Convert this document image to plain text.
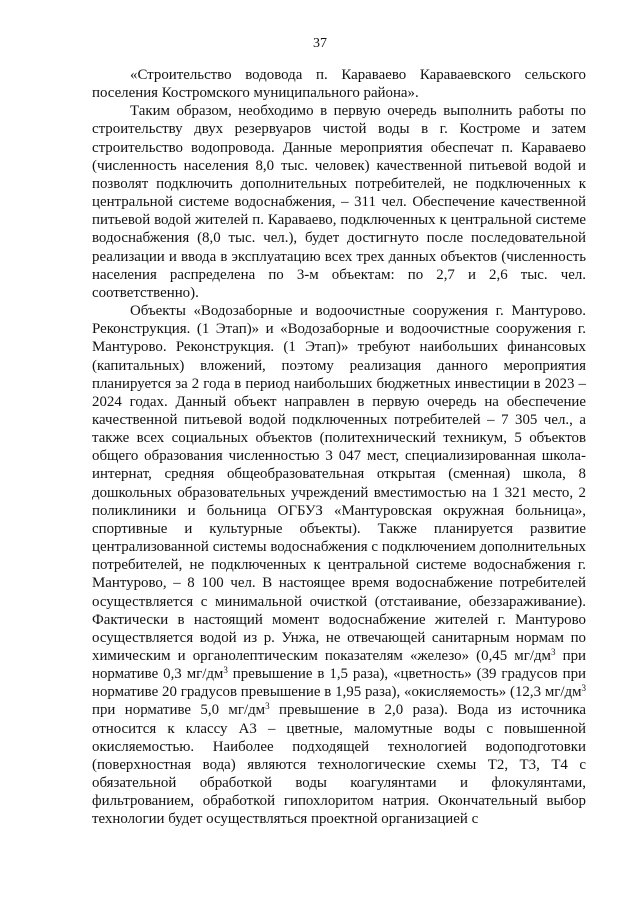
37

«Строительство водовода п. Караваево Караваевского сельского поселения Костромского муниципального района».

Таким образом, необходимо в первую очередь выполнить работы по строительству двух резервуаров чистой воды в г. Костроме и затем строительство водопровода. Данные мероприятия обеспечат п. Караваево (численность населения 8,0 тыс. человек) качественной питьевой водой и позволят подключить дополнительных потребителей, не подключенных к центральной системе водоснабжения, – 311 чел. Обеспечение качественной питьевой водой жителей п. Караваево, подключенных к центральной системе водоснабжения (8,0 тыс. чел.), будет достигнуто после последовательной реализации и ввода в эксплуатацию всех трех данных объектов (численность населения распределена по 3-м объектам: по 2,7 и 2,6 тыс. чел. соответственно).

Объекты «Водозаборные и водоочистные сооружения г. Мантурово. Реконструкция. (1 Этап)» и «Водозаборные и водоочистные сооружения г. Мантурово. Реконструкция. (1 Этап)» требуют наибольших финансовых (капитальных) вложений, поэтому реализация данного мероприятия планируется за 2 года в период наибольших бюджетных инвестиции в 2023 – 2024 годах. Данный объект направлен в первую очередь на обеспечение качественной питьевой водой подключенных потребителей – 7 305 чел., а также всех социальных объектов (политехнический техникум, 5 объектов общего образования численностью 3 047 мест, специализированная школа-интернат, средняя общеобразовательная открытая (сменная) школа, 8 дошкольных образовательных учреждений вместимостью на 1 321 место, 2 поликлиники и больница ОГБУЗ «Мантуровская окружная больница», спортивные и культурные объекты). Также планируется развитие централизованной системы водоснабжения с подключением дополнительных потребителей, не подключенных к центральной системе водоснабжения г. Мантурово, – 8 100 чел. В настоящее время водоснабжение потребителей осуществляется с минимальной очисткой (отстаивание, обеззараживание). Фактически в настоящий момент водоснабжение жителей г. Мантурово осуществляется водой из р. Унжа, не отвечающей санитарным нормам по химическим и органолептическим показателям «железо» (0,45 $мг/дм^3$ при нормативе 0,3 $мг/дм^3$ превышение в 1,5 раза), «цветность» (39 градусов при нормативе 20 градусов превышение в 1,95 раза), «окисляемость» (12,3 $мг/дм^3$ при нормативе 5,0 $мг/дм^3$ превышение в 2,0 раза). Вода из источника относится к классу А3 – цветные, маломутные воды с повышенной окисляемостью. Наиболее подходящей технологией водоподготовки (поверхностная вода) являются технологические схемы Т2, Т3, Т4 с обязательной обработкой воды коагулянтами и флокулянтами, фильтрованием, обработкой гипохлоритом натрия. Окончательный выбор технологии будет осуществляться проектной организацией с
